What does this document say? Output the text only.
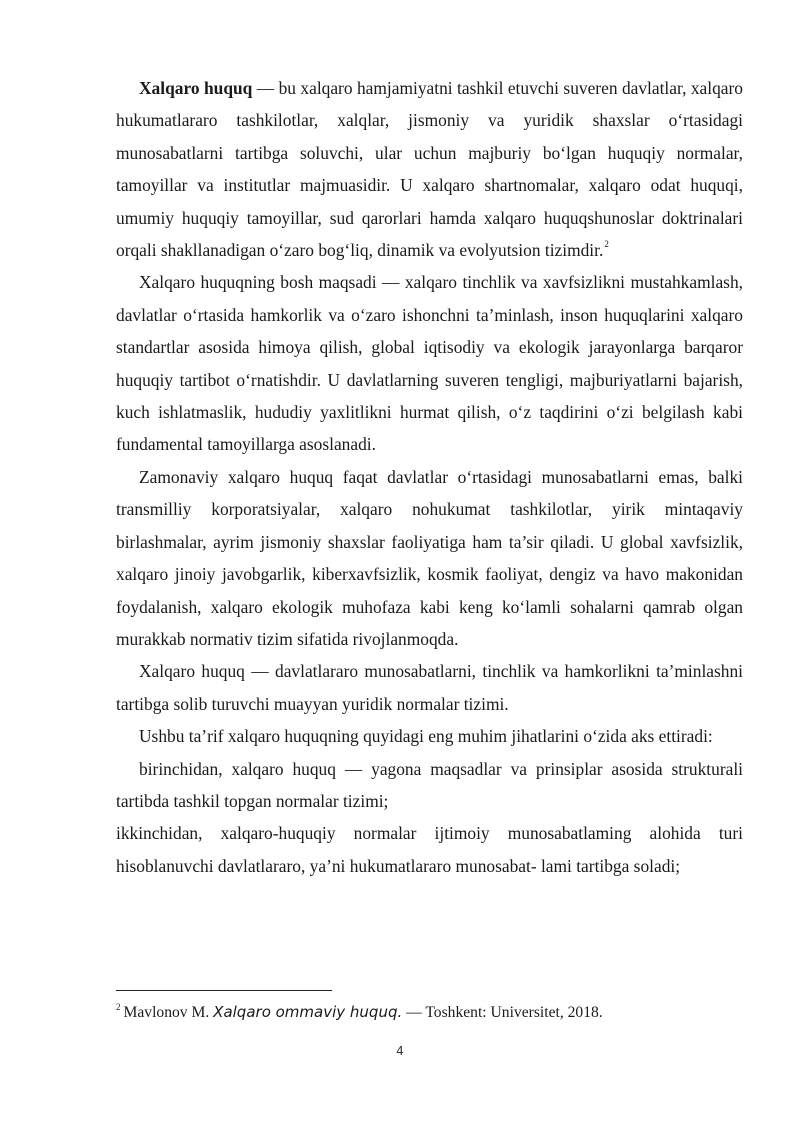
Xalqaro huquq — bu xalqaro hamjamiyatni tashkil etuvchi suveren davlatlar, xalqaro hukumatlararo tashkilotlar, xalqlar, jismoniy va yuridik shaxslar o‘rtasidagi munosabatlarni tartibga soluvchi, ular uchun majburiy bo‘lgan huquqiy normalar, tamoyillar va institutlar majmuasidir. U xalqaro shartnomalar, xalqaro odat huquqi, umumiy huquqiy tamoyillar, sud qarorlari hamda xalqaro huquqshunoslar doktrinalari orqali shakllanadigan o‘zaro bog‘liq, dinamik va evolyutsion tizimdir.$^2$

Xalqaro huquqning bosh maqsadi — xalqaro tinchlik va xavfsizlikni mustahkamlash, davlatlar o‘rtasida hamkorlik va o‘zaro ishonchni ta’minlash, inson huquqlarini xalqaro standartlar asosida himoya qilish, global iqtisodiy va ekologik jarayonlarga barqaror huquqiy tartibot o‘rnatishdir. U davlatlarning suveren tengligi, majburiyatlarni bajarish, kuch ishlatmaslik, hududiy yaxlitlikni hurmat qilish, o‘z taqdirini o‘zi belgilash kabi fundamental tamoyillarga asoslanadi.

Zamonaviy xalqaro huquq faqat davlatlar o‘rtasidagi munosabatlarni emas, balki transmilliy korporatsiyalar, xalqaro nohukumat tashkilotlar, yirik mintaqaviy birlashmalar, ayrim jismoniy shaxslar faoliyatiga ham ta’sir qiladi. U global xavfsizlik, xalqaro jinoiy javobgarlik, kiberxavfsizlik, kosmik faoliyat, dengiz va havo makonidan foydalanish, xalqaro ekologik muhofaza kabi keng ko‘lamli sohalarni qamrab olgan murakkab normativ tizim sifatida rivojlanmoqda.

Xalqaro huquq — davlatlararo munosabatlarni, tinchlik va hamkorlikni ta’minlashni tartibga solib turuvchi muayyan yuridik normalar tizimi.

Ushbu ta’rif xalqaro huquqning quyidagi eng muhim jihatlarini o‘zida aks ettiradi:

birinchidan, xalqaro huquq — yagona maqsadlar va prinsiplar asosida strukturali tartibda tashkil topgan normalar tizimi;

ikkinchidan, xalqaro-huquqiy normalar ijtimoiy munosabatlaming alohida turi hisoblanuvchi davlatlararo, ya’ni hukumatlararo munosabat- lami tartibga soladi;

$^2$ Mavlonov M. Xalqaro ommaviy huquq. — Toshkent: Universitet, 2018.
4
